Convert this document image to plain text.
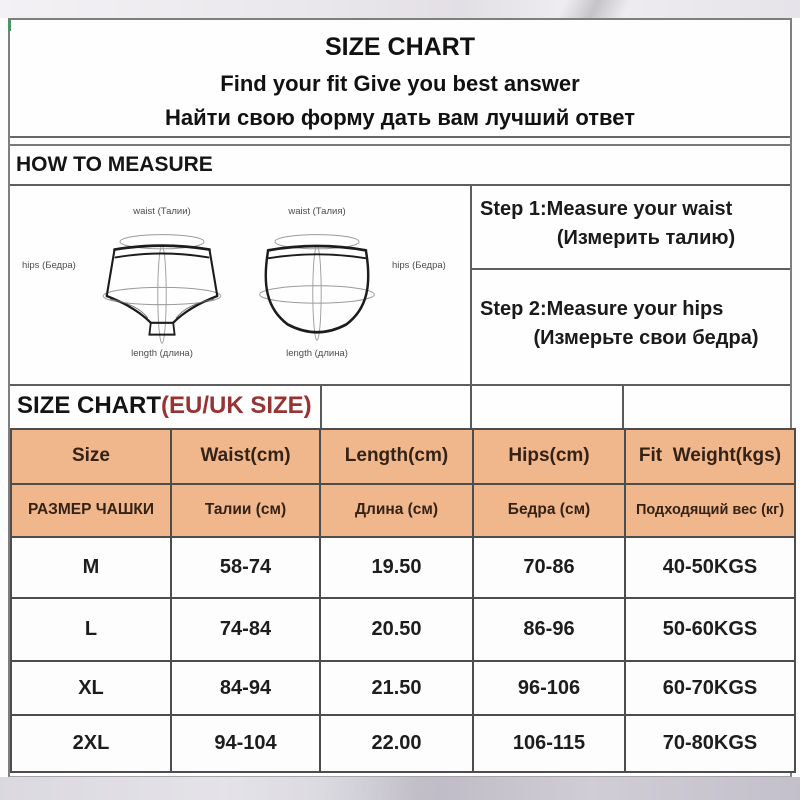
SIZE CHART
Find your fit Give you best answer
Найти свою форму дать вам лучший ответ
HOW TO MEASURE
waist (Талии)	waist (Талия)
hips (Бедра)	hips (Бедра)
length (длина)	length (длина)
Step 1:Measure your waist
(Измерить талию)
Step 2:Measure your hips
(Измерьте свои бедра)
SIZE CHART(EU/UK SIZE)
Size	Waist(cm)	Length(cm)	Hips(cm)	Fit  Weight(kgs)
РАЗМЕР ЧАШКИ	Талии (см)	Длина (см)	Бедра (см)	Подходящий вес (кг)
M	58-74	19.50	70-86	40-50KGS
L	74-84	20.50	86-96	50-60KGS
XL	84-94	21.50	96-106	60-70KGS
2XL	94-104	22.00	106-115	70-80KGS
